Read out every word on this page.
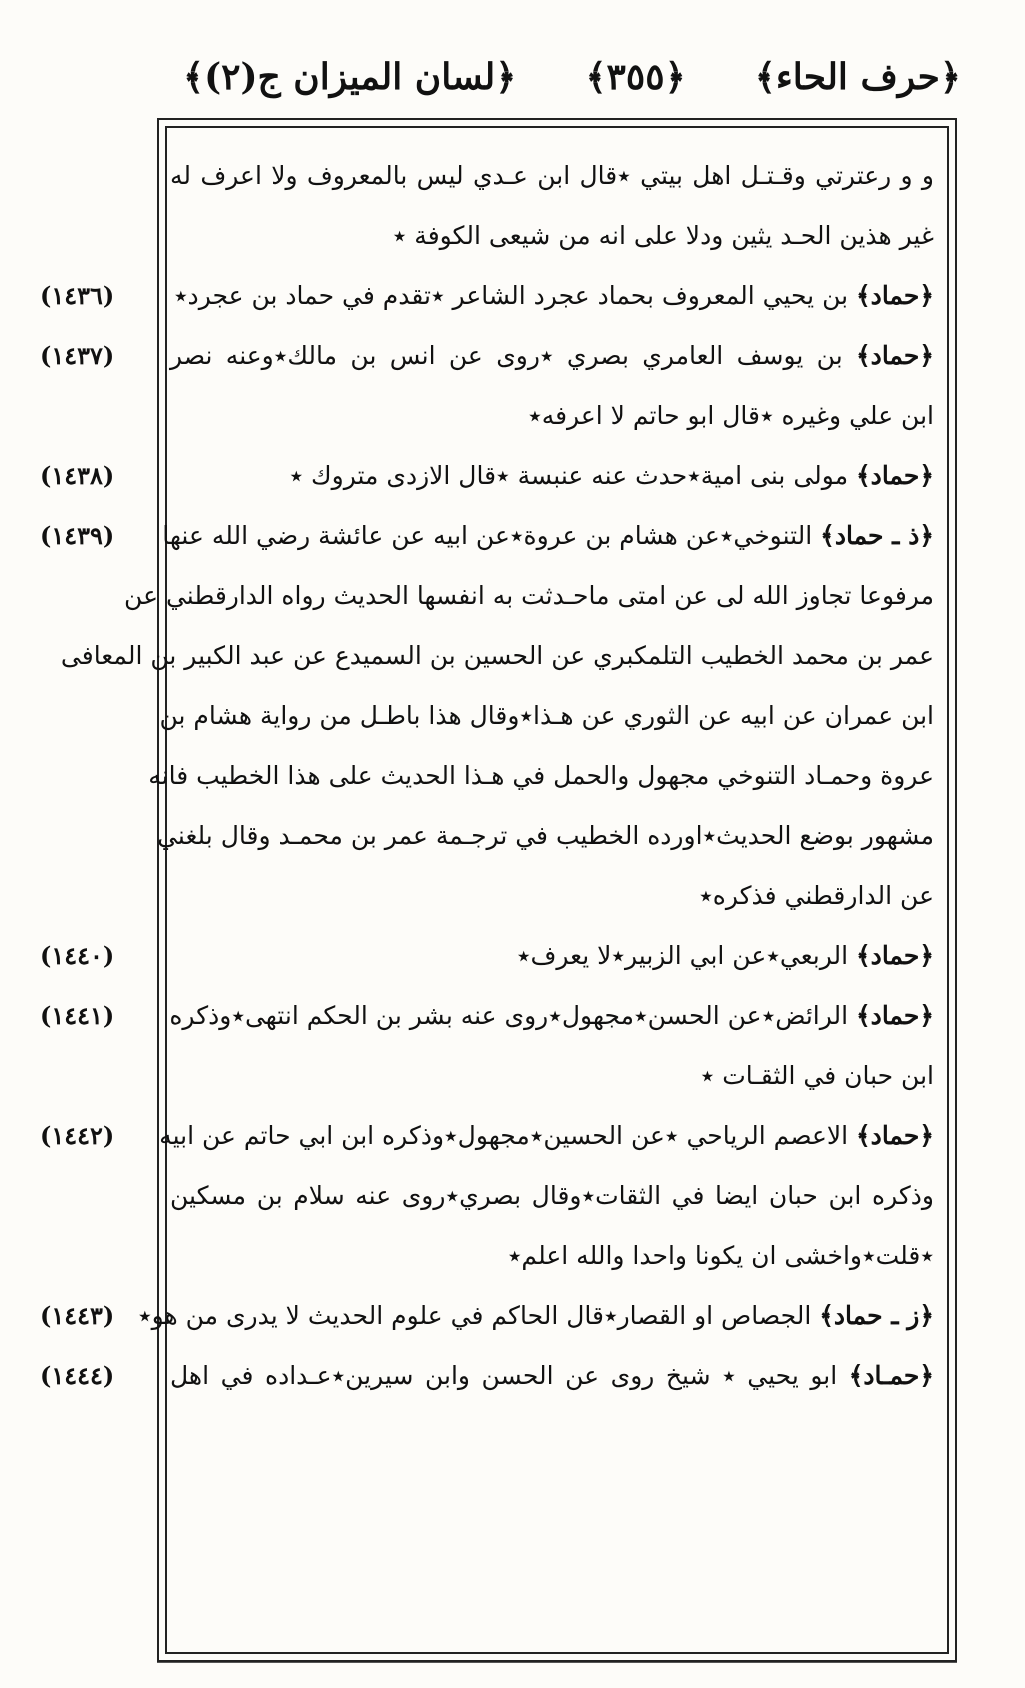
﴿حرف الحاء﴾
﴿٣٥٥﴾
﴿لسان الميزان ج(٢)﴾
و و رعترتي وقـتـل اهل بيتي ٭قال ابن عـدي ليس بالمعروف ولا اعرف له
غير هذين الحـد يثين ودلا على انه من شيعى الكوفة ٭
﴿حماد﴾ بن يحيي المعروف بحماد عجرد الشاعر ٭تقدم في حماد بن عجرد٭
﴿حماد﴾ بن يوسف العامري بصري ٭روى عن انس بن مالك٭وعنه نصر
ابن علي وغيره ٭قال ابو حاتم لا اعرفه٭
﴿حماد﴾ مولى بنى امية٭حدث عنه عنبسة ٭قال الازدى متروك ٭
﴿ذ ـ حماد﴾ التنوخي٭عن هشام بن عروة٭عن ابيه عن عائشة رضي الله عنها
مرفوعا تجاوز الله لى عن امتى ماحـدثت به انفسها الحديث رواه الدارقطني عن
عمر بن محمد الخطيب التلمكبري عن الحسين بن السميدع عن عبد الكبير بن المعافى
ابن عمران عن ابيه عن الثوري عن هـذا٭وقال هذا باطـل من رواية هشام بن
عروة وحمـاد التنوخي مجهول والحمل في هـذا الحديث على هذا الخطيب فانه
مشهور بوضع الحديث٭اورده الخطيب في ترجـمة عمر بن محمـد وقال بلغني
عن الدارقطني فذكره٭
﴿حماد﴾ الربعي٭عن ابي الزبير٭لا يعرف٭
﴿حماد﴾ الرائض٭عن الحسن٭مجهول٭روى عنه بشر بن الحكم انتهى٭وذكره
ابن حبان في الثقـات ٭
﴿حماد﴾ الاعصم الرياحي ٭عن الحسين٭مجهول٭وذكره ابن ابي حاتم عن ابيه
وذكره ابن حبان ايضا في الثقات٭وقال بصري٭روى عنه سلام بن مسكين
٭قلت٭واخشى ان يكونا واحدا والله اعلم٭
﴿ز ـ حماد﴾ الجصاص او القصار٭قال الحاكم في علوم الحديث لا يدرى من هو٭
﴿حمـاد﴾ ابو يحيي ٭ شيخ روى عن الحسن وابن سيرين٭عـداده في اهل
(١٤٣٦)
(١٤٣٧)
(١٤٣٨)
(١٤٣٩)
(١٤٤٠)
(١٤٤١)
(١٤٤٢)
(١٤٤٣)
(١٤٤٤)
